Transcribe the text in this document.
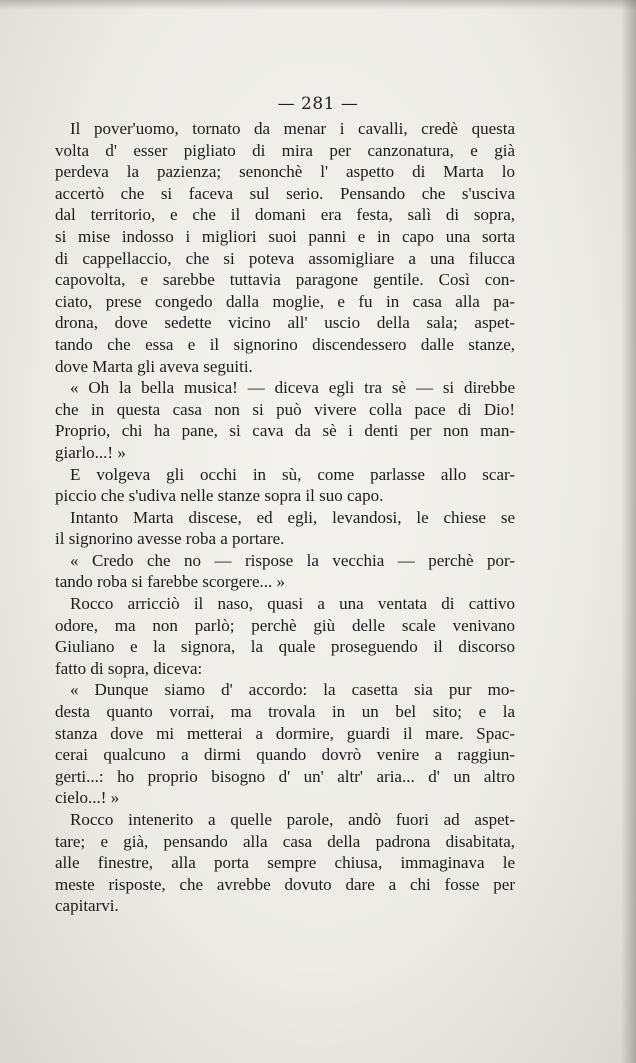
— 281 —
Il pover'uomo, tornato da menar i cavalli, credè questa
volta d' esser pigliato di mira per canzonatura, e già
perdeva la pazienza; senonchè l' aspetto di Marta lo
accertò che si faceva sul serio. Pensando che s'usciva
dal territorio, e che il domani era festa, salì di sopra,
si mise indosso i migliori suoi panni e in capo una sorta
di cappellaccio, che si poteva assomigliare a una filucca
capovolta, e sarebbe tuttavia paragone gentile. Così con-
ciato, prese congedo dalla moglie, e fu in casa alla pa-
drona, dove sedette vicino all' uscio della sala; aspet-
tando che essa e il signorino discendessero dalle stanze,
dove Marta gli aveva seguiti.
« Oh la bella musica! — diceva egli tra sè — si direbbe
che in questa casa non si può vivere colla pace di Dio!
Proprio, chi ha pane, si cava da sè i denti per non man-
giarlo...! »
E volgeva gli occhi in sù, come parlasse allo scar-
piccio che s'udiva nelle stanze sopra il suo capo.
Intanto Marta discese, ed egli, levandosi, le chiese se
il signorino avesse roba a portare.
« Credo che no — rispose la vecchia — perchè por-
tando roba si farebbe scorgere... »
Rocco arricciò il naso, quasi a una ventata di cattivo
odore, ma non parlò; perchè giù delle scale venivano
Giuliano e la signora, la quale proseguendo il discorso
fatto di sopra, diceva:
« Dunque siamo d' accordo: la casetta sia pur mo-
desta quanto vorrai, ma trovala in un bel sito; e la
stanza dove mi metterai a dormire, guardi il mare. Spac-
cerai qualcuno a dirmi quando dovrò venire a raggiun-
gerti...: ho proprio bisogno d' un' altr' aria... d' un altro
cielo...! »
Rocco intenerito a quelle parole, andò fuori ad aspet-
tare; e già, pensando alla casa della padrona disabitata,
alle finestre, alla porta sempre chiusa, immaginava le
meste risposte, che avrebbe dovuto dare a chi fosse per
capitarvi.
